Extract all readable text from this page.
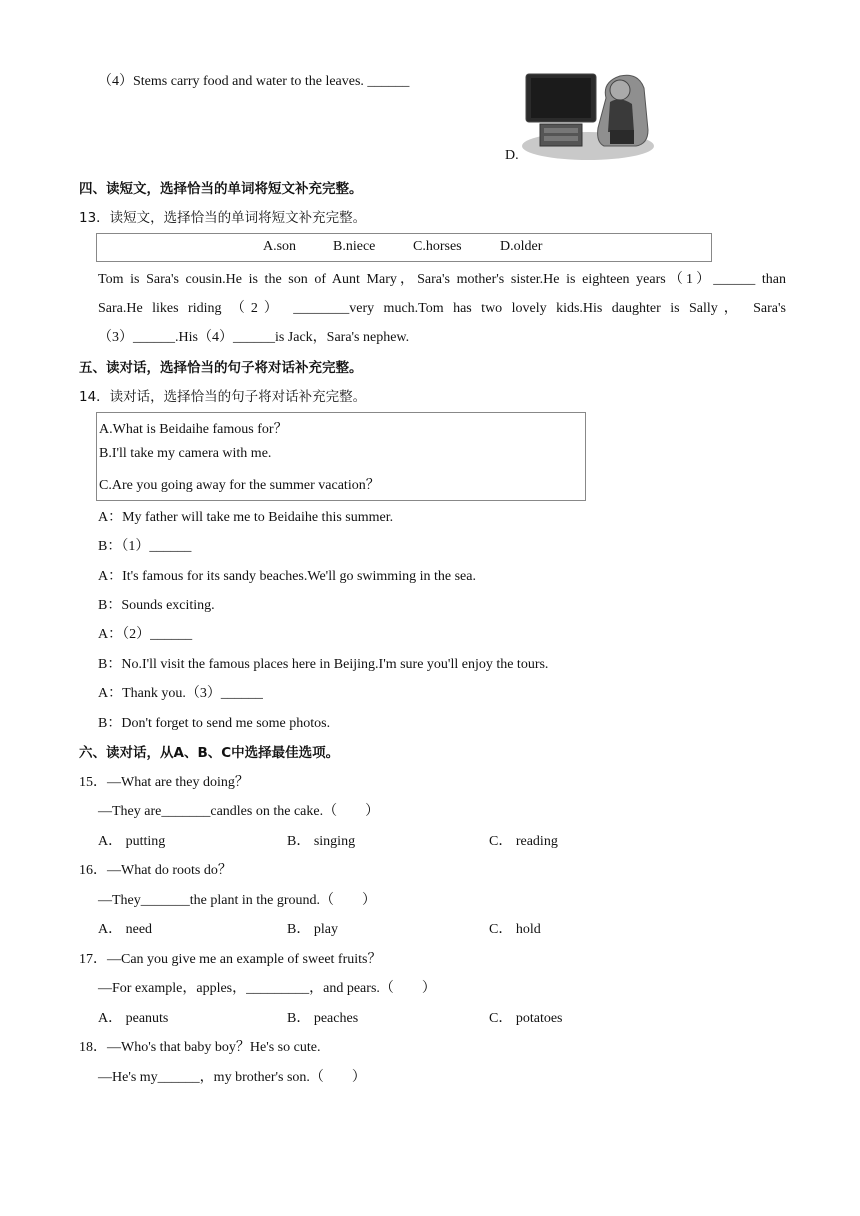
（4）Stems carry food and water to the leaves. ______
D.
四、读短文，选择恰当的单词将短文补充完整。
13．读短文，选择恰当的单词将短文补充完整。
A.son	B.niece	C.horses	D.older
Tom is Sara's cousin.He is the son of Aunt Mary，Sara's mother's sister.He is eighteen years（1）______ than
Sara.He likes riding （2） ________very much.Tom has two lovely kids.His daughter is Sally， Sara's
（3）______.His（4）______is Jack，Sara's nephew.
五、读对话，选择恰当的句子将对话补充完整。
14．读对话，选择恰当的句子将对话补充完整。
A.What is Beidaihe famous for？
B.I'll take my camera with me.
C.Are you going away for the summer vacation？
A：My father will take me to Beidaihe this summer.
B：（1）______
A：It's famous for its sandy beaches.We'll go swimming in the sea.
B：Sounds exciting.
A：（2）______
B：No.I'll visit the famous places here in Beijing.I'm sure you'll enjoy the tours.
A：Thank you.（3）______
B：Don't forget to send me some photos.
六、读对话，从A、B、C中选择最佳选项。
15．—What are they doing？
—They are_______candles on the cake.（　　）
A． putting	B． singing	C． reading
16．—What do roots do？
—They_______the plant in the ground.（　　）
A． need	B． play	C． hold
17．—Can you give me an example of sweet fruits？
—For example，apples，_________，and pears.（　　）
A． peanuts	B． peaches	C． potatoes
18．—Who's that baby boy？He's so cute.
—He's my______，my brother's son.（　　）
